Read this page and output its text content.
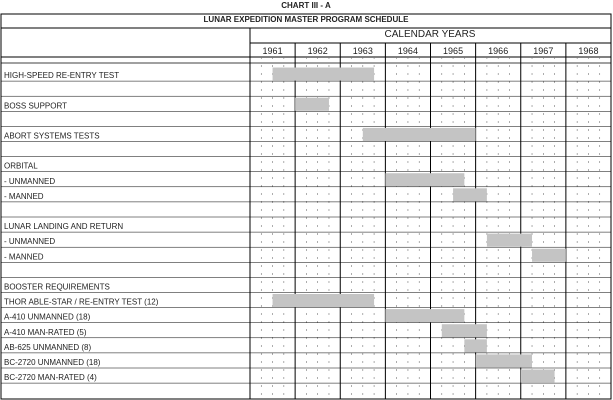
CHART III - A
LUNAR EXPEDITION MASTER PROGRAM SCHEDULE
CALENDAR YEARS
HIGH-SPEED RE-ENTRY TEST
BOSS SUPPORT
ABORT SYSTEMS TESTS
ORBITAL
- UNMANNED
- MANNED
LUNAR LANDING AND RETURN
- UNMANNED
- MANNED
BOOSTER REQUIREMENTS
THOR ABLE-STAR / RE-ENTRY TEST (12)
A-410 UNMANNED (18)
A-410 MAN-RATED (5)
AB-625 UNMANNED (8)
BC-2720 UNMANNED (18)
BC-2720 MAN-RATED (4)
1961	1962	1963	1964	1965	1966	1967	1968
